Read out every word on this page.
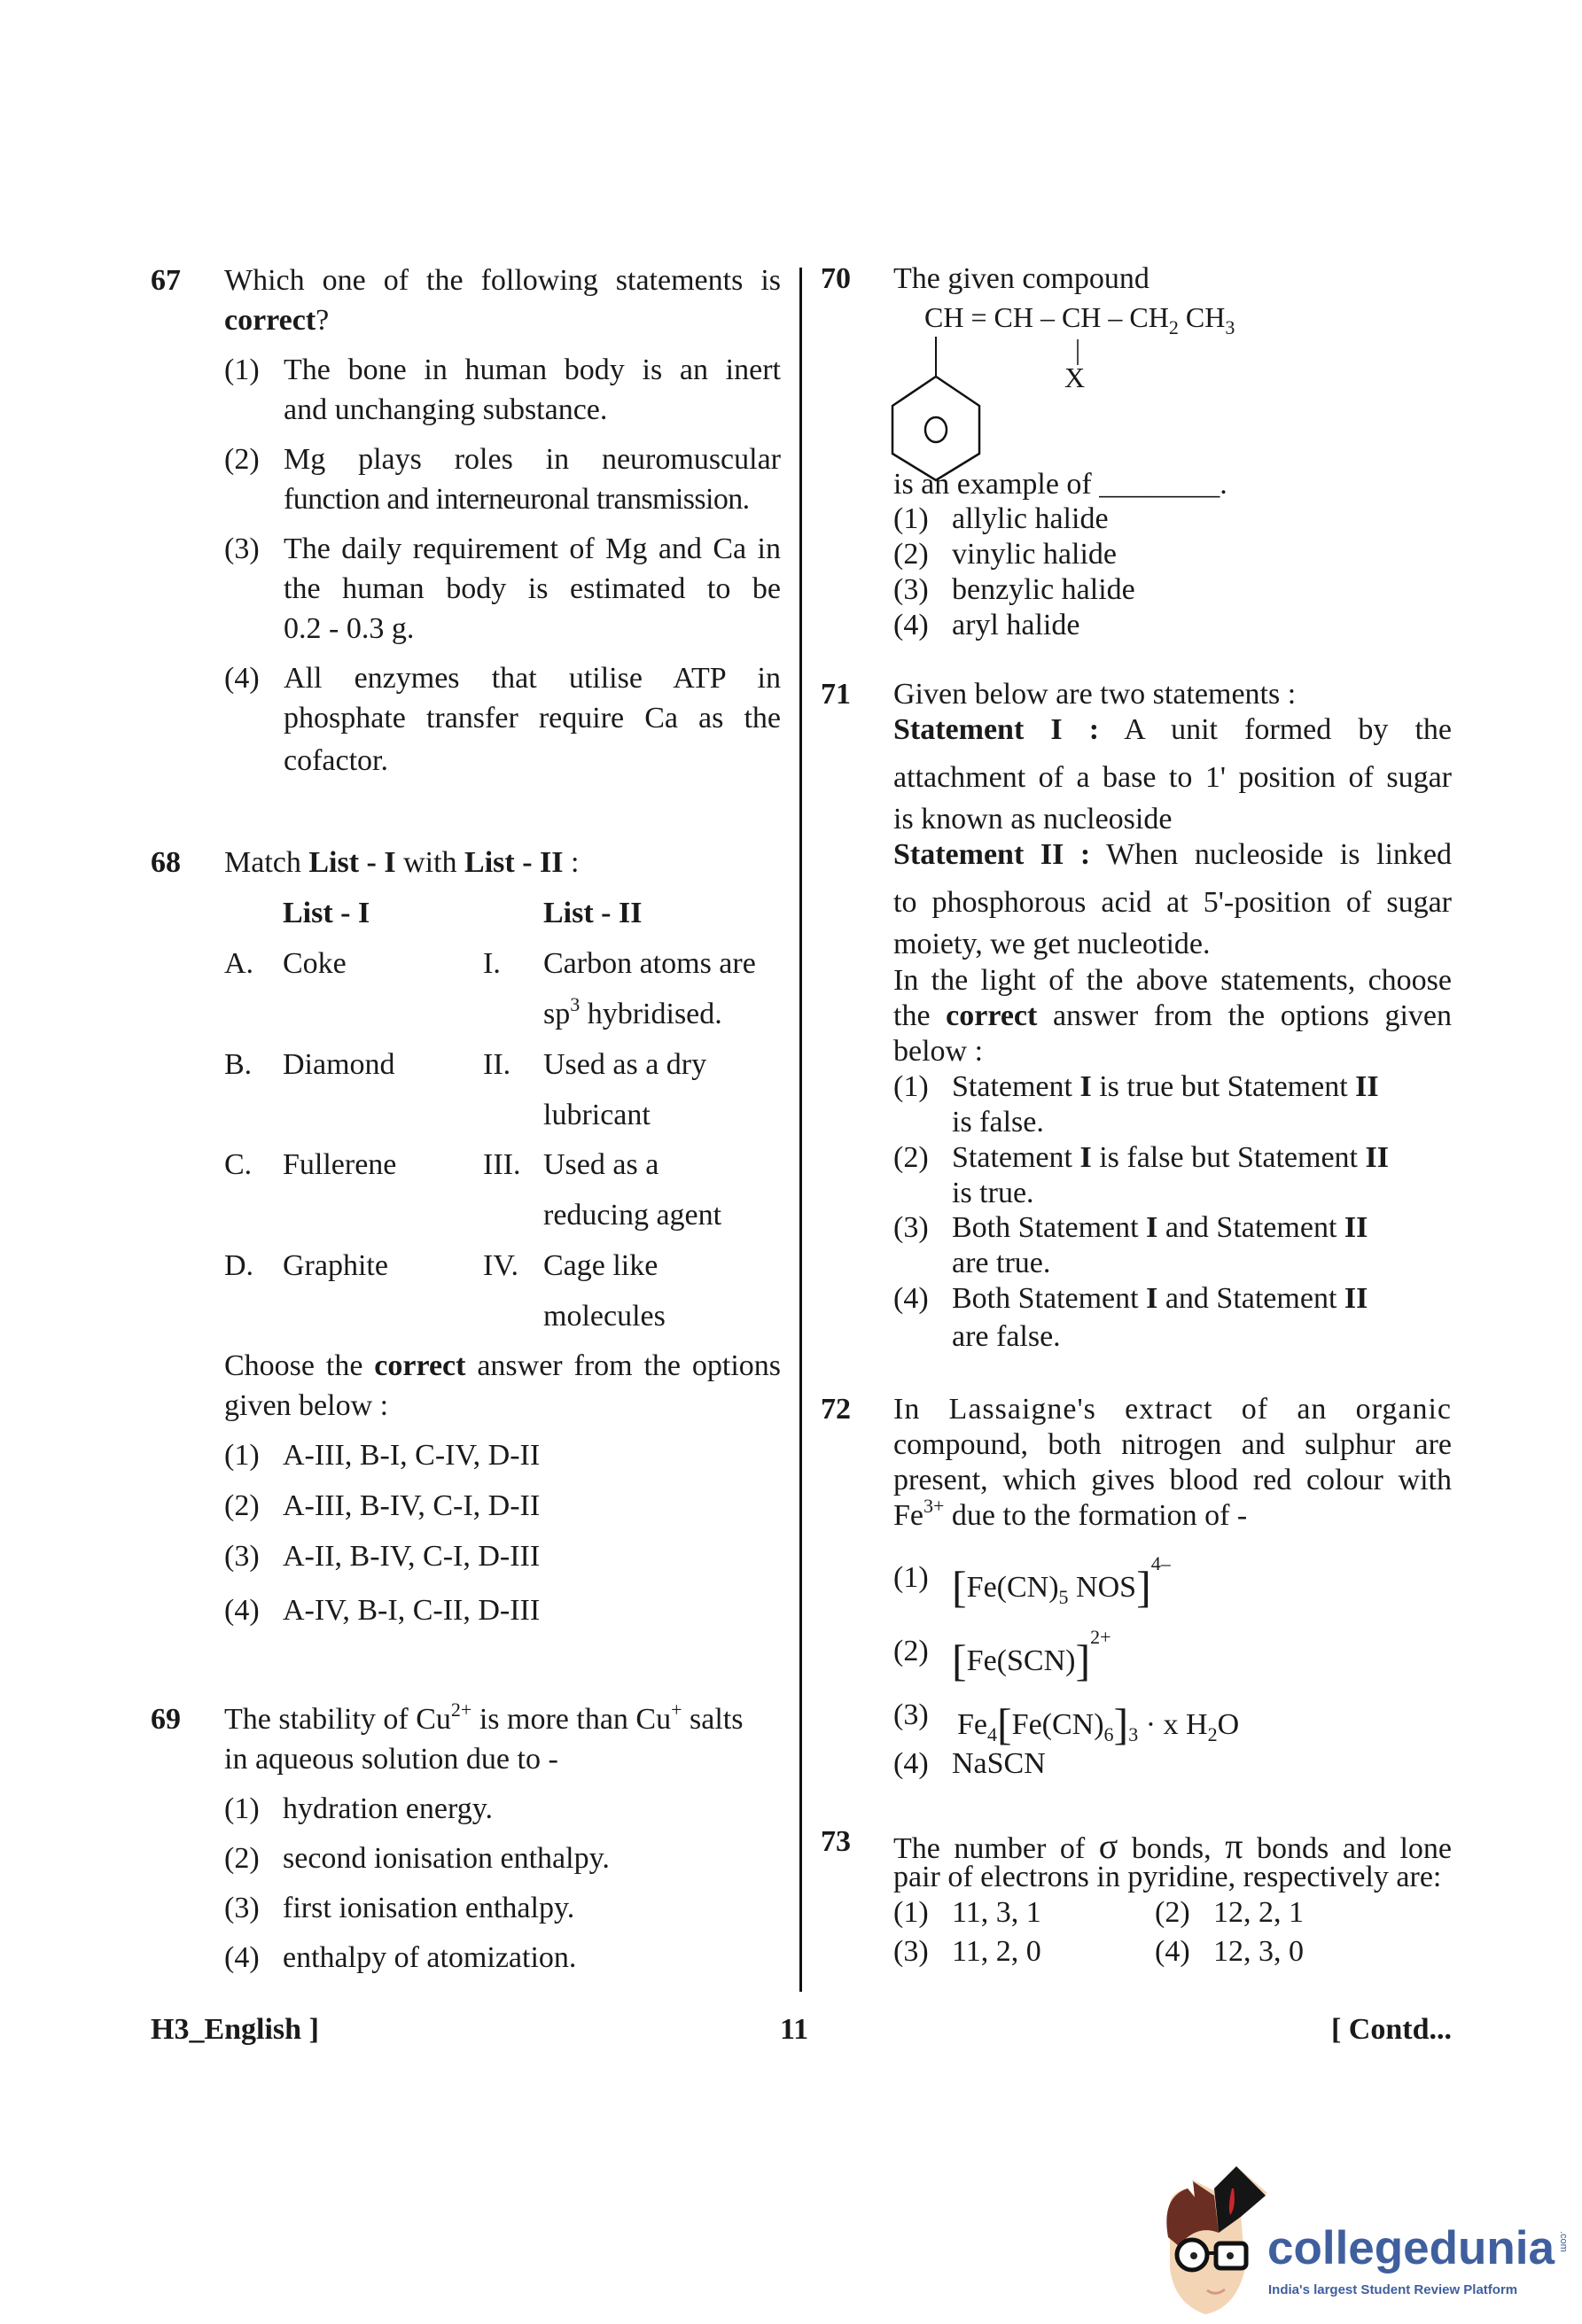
67 Which one of the following statements is
correct?
(1) The bone in human body is an inert
and unchanging substance.
(2) Mg plays roles in neuromuscular
function and interneuronal transmission.
(3) The daily requirement of Mg and Ca in
the human body is estimated to be
0.2 - 0.3 g.
(4) All enzymes that utilise ATP in
phosphate transfer require Ca as the
cofactor.
68 Match List - I with List - II :
List - I	List - II
A. Coke	I. Carbon atoms are
$sp^3$ hybridised.
B. Diamond	II. Used as a dry
lubricant
C. Fullerene	III. Used as a
reducing agent
D. Graphite	IV. Cage like
molecules
Choose the correct answer from the options
given below :
(1) A-III, B-I, C-IV, D-II
(2) A-III, B-IV, C-I, D-II
(3) A-II, B-IV, C-I, D-III
(4) A-IV, B-I, C-II, D-III
69 The stability of $Cu^{2+}$ is more than Cu+ salts
in aqueous solution due to -
(1) hydration energy.
(2) second ionisation enthalpy.
(3) first ionisation enthalpy.
(4) enthalpy of atomization.
70 The given compound
CH = CH – CH – $CH_2$ $CH_3$
X
is an example of ________.
(1) allylic halide
(2) vinylic halide
(3) benzylic halide
(4) aryl halide
71 Given below are two statements :
Statement I : A unit formed by the
attachment of a base to 1' position of sugar
is known as nucleoside
Statement II : When nucleoside is linked
to phosphorous acid at 5'-position of sugar
moiety, we get nucleotide.
In the light of the above statements, choose
the correct answer from the options given
below :
(1) Statement I is true but Statement II
is false.
(2) Statement I is false but Statement II
is true.
(3) Both Statement I and Statement II
are true.
(4) Both Statement I and Statement II
are false.
72 In Lassaigne's extract of an organic
compound, both nitrogen and sulphur are
present, which gives blood red colour with
$Fe^{3+}$ due to the formation of -
(1) [$Fe(CN)_5$ NOS]$^{4-}$
(2) $[Fe(SCN)]^{2+}$
(3) $Fe_4[Fe(CN)_6]_3 \cdot x$ $H_2O$
(4) NaSCN
73 The number of σ bonds, π bonds and lone
pair of electrons in pyridine, respectively are:
(1) 11, 3, 1	(2) 12, 2, 1
(3) 11, 2, 0	(4) 12, 3, 0
H3_English ]	11	[ Contd...
collegedunia .com
India's largest Student Review Platform
